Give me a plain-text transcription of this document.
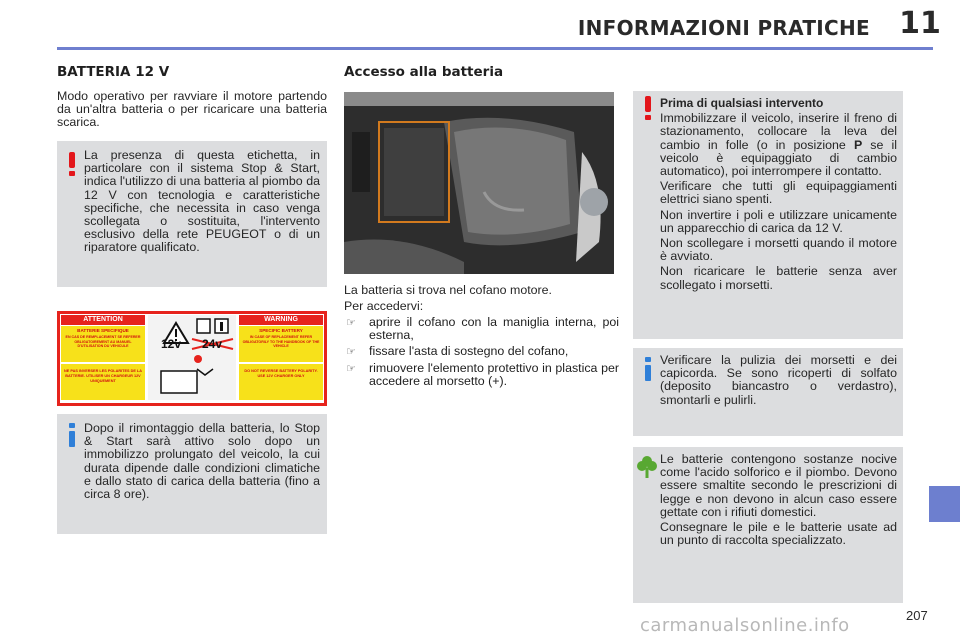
INFORMAZIONI PRATICHE 11
BATTERIA 12 V
Modo operativo per ravviare il motore partendo da un'altra batteria o per ricaricare una batteria scarica.
La presenza di questa etichetta, in particolare con il sistema Stop & Start, indica l'utilizzo di una batteria al piombo da 12 V con tecnologia e caratteristiche specifiche, che necessita in caso venga scollegata o sostituita, l'intervento esclusivo della rete PEUGEOT o di un riparatore qualificato.
ATTENTION	WARNING
BATTERIE SPECIFIQUE
EN CAS DE REMPLACEMENT SE REFERER OBLIGATOIREMENT AU MANUEL D'UTILISATION DU VEHICULE
SPECIFIC BATTERY
IN CASE OF REPLACEMENT REFER OBLIGATORILY TO THE HANDBOOK OF THE VEHICLE
NE PAS INVERSER LES POLARITES DE LA BATTERIE. UTILISER UN CHARGEUR 12V UNIQUEMENT
DO NOT REVERSE BATTERY POLARITY. USE 12V CHARGER ONLY
12v 24v
Dopo il rimontaggio della batteria, lo Stop & Start sarà attivo solo dopo un immobilizzo prolungato del veicolo, la cui durata dipende dalle condizioni climatiche e dallo stato di carica della batteria (fino a circa 8 ore).
Accesso alla batteria
La batteria si trova nel cofano motore.
Per accedervi:
☞ aprire il cofano con la maniglia interna, poi esterna,
☞ fissare l'asta di sostegno del cofano,
☞ rimuovere l'elemento protettivo in plastica per accedere al morsetto (+).

Prima di qualsiasi intervento

Immobilizzare il veicolo, inserire il freno di stazionamento, collocare la leva del cambio in folle (o in posizione P se il veicolo è equipaggiato di cambio automatico), poi interrompere il contatto.

Verificare che tutti gli equipaggiamenti elettrici siano spenti.

Non invertire i poli e utilizzare unicamente un apparecchio di carica da 12 V.

Non scollegare i morsetti quando il motore è avviato.

Non ricaricare le batterie senza aver scollegato i morsetti.

Verificare la pulizia dei morsetti e dei capicorda. Se sono ricoperti di solfato (deposito biancastro o verdastro), smontarli e pulirli.

Le batterie contengono sostanze nocive come l'acido solforico e il piombo. Devono essere smaltite secondo le prescrizioni di legge e non devono in alcun caso essere gettate con i rifiuti domestici.

Consegnare le pile e le batterie usate ad un punto di raccolta specializzato.

207
carmanualsonline.info
